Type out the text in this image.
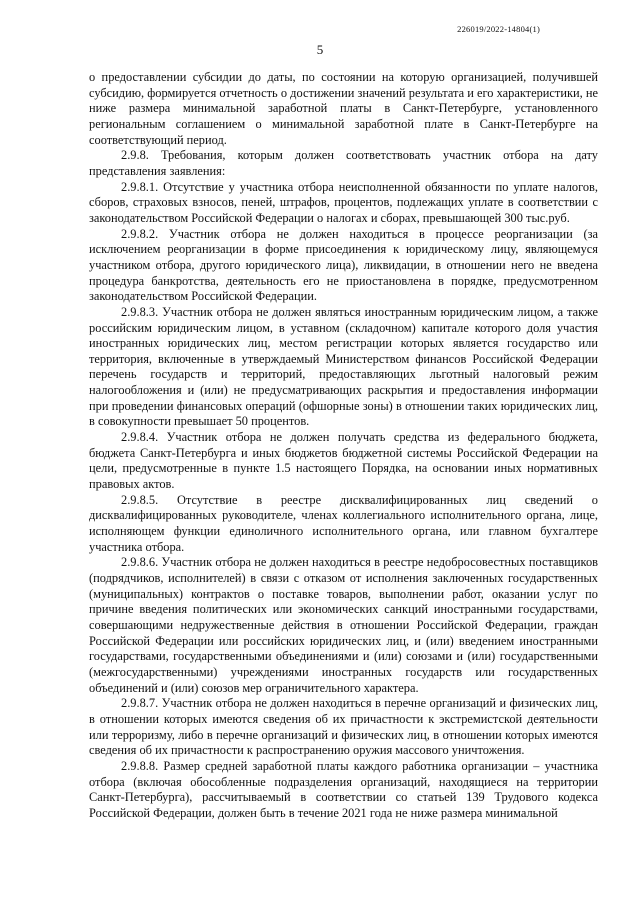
226019/2022-14804(1)
5

о предоставлении субсидии до даты, по состоянии на которую организацией, получившей субсидию, формируется отчетность о достижении значений результата и его характеристики, не ниже размера минимальной заработной платы в Санкт-Петербурге, установленного региональным соглашением о минимальной заработной плате в Санкт-Петербурге на соответствующий период.

2.9.8. Требования, которым должен соответствовать участник отбора на дату представления заявления:

2.9.8.1. Отсутствие у участника отбора неисполненной обязанности по уплате налогов, сборов, страховых взносов, пеней, штрафов, процентов, подлежащих уплате в соответствии с законодательством Российской Федерации о налогах и сборах, превышающей 300 тыс.руб.

2.9.8.2. Участник отбора не должен находиться в процессе реорганизации (за исключением реорганизации в форме присоединения к юридическому лицу, являющемуся участником отбора, другого юридического лица), ликвидации, в отношении него не введена процедура банкротства, деятельность его не приостановлена в порядке, предусмотренном законодательством Российской Федерации.

2.9.8.3. Участник отбора не должен являться иностранным юридическим лицом, а также российским юридическим лицом, в уставном (складочном) капитале которого доля участия иностранных юридических лиц, местом регистрации которых является государство или территория, включенные в утверждаемый Министерством финансов Российской Федерации перечень государств и территорий, предоставляющих льготный налоговый режим налогообложения и (или) не предусматривающих раскрытия и предоставления информации при проведении финансовых операций (офшорные зоны) в отношении таких юридических лиц, в совокупности превышает 50 процентов.

2.9.8.4. Участник отбора не должен получать средства из федерального бюджета, бюджета Санкт-Петербурга и иных бюджетов бюджетной системы Российской Федерации на цели, предусмотренные в пункте 1.5 настоящего Порядка, на основании иных нормативных правовых актов.

2.9.8.5. Отсутствие в реестре дисквалифицированных лиц сведений о дисквалифицированных руководителе, членах коллегиального исполнительного органа, лице, исполняющем функции единоличного исполнительного органа, или главном бухгалтере участника отбора.

2.9.8.6. Участник отбора не должен находиться в реестре недобросовестных поставщиков (подрядчиков, исполнителей) в связи с отказом от исполнения заключенных государственных (муниципальных) контрактов о поставке товаров, выполнении работ, оказании услуг по причине введения политических или экономических санкций иностранными государствами, совершающими недружественные действия в отношении Российской Федерации, граждан Российской Федерации или российских юридических лиц, и (или) введением иностранными государствами, государственными объединениями и (или) союзами и (или) государственными (межгосударственными) учреждениями иностранных государств или государственных объединений и (или) союзов мер ограничительного характера.

2.9.8.7. Участник отбора не должен находиться в перечне организаций и физических лиц, в отношении которых имеются сведения об их причастности к экстремистской деятельности или терроризму, либо в перечне организаций и физических лиц, в отношении которых имеются сведения об их причастности к распространению оружия массового уничтожения.

2.9.8.8. Размер средней заработной платы каждого работника организации – участника отбора (включая обособленные подразделения организаций, находящиеся на территории Санкт-Петербурга), рассчитываемый в соответствии со статьей 139 Трудового кодекса Российской Федерации, должен быть в течение 2021 года не ниже размера минимальной
